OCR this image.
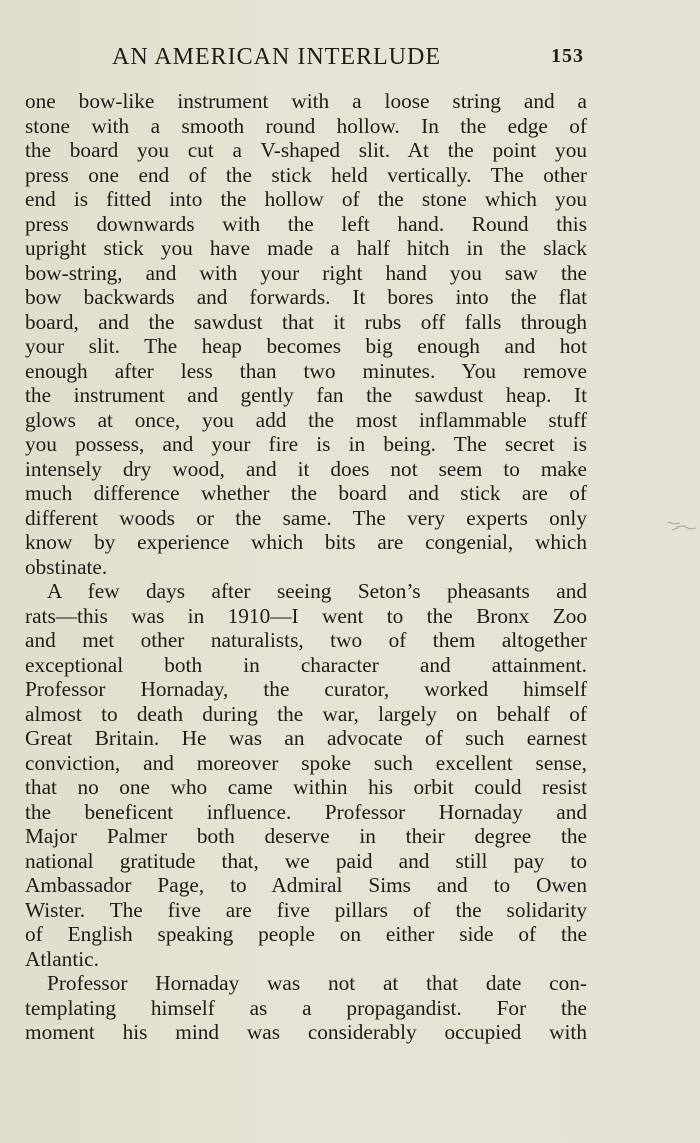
AN AMERICAN INTERLUDE	153
one bow-like instrument with a loose string and a
stone with a smooth round hollow. In the edge of
the board you cut a V-shaped slit. At the point you
press one end of the stick held vertically. The other
end is fitted into the hollow of the stone which you
press downwards with the left hand. Round this
upright stick you have made a half hitch in the slack
bow-string, and with your right hand you saw the
bow backwards and forwards. It bores into the flat
board, and the sawdust that it rubs off falls through
your slit. The heap becomes big enough and hot
enough after less than two minutes. You remove
the instrument and gently fan the sawdust heap. It
glows at once, you add the most inflammable stuff
you possess, and your fire is in being. The secret is
intensely dry wood, and it does not seem to make
much difference whether the board and stick are of
different woods or the same. The very experts only
know by experience which bits are congenial, which
obstinate.
A few days after seeing Seton’s pheasants and
rats—this was in 1910—I went to the Bronx Zoo
and met other naturalists, two of them altogether
exceptional both in character and attainment.
Professor Hornaday, the curator, worked himself
almost to death during the war, largely on behalf of
Great Britain. He was an advocate of such earnest
conviction, and moreover spoke such excellent sense,
that no one who came within his orbit could resist
the beneficent influence. Professor Hornaday and
Major Palmer both deserve in their degree the
national gratitude that, we paid and still pay to
Ambassador Page, to Admiral Sims and to Owen
Wister. The five are five pillars of the solidarity
of English speaking people on either side of the
Atlantic.
Professor Hornaday was not at that date con-
templating himself as a propagandist. For the
moment his mind was considerably occupied with
